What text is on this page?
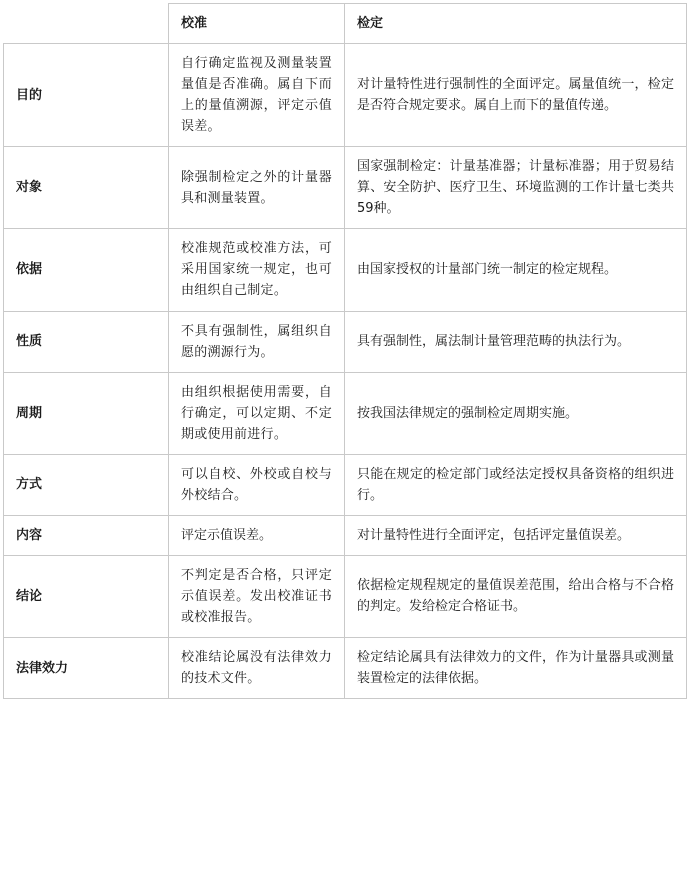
	校准	检定
目的	自行确定监视及测量装置量值是否准确。属自下而上的量值溯源，评定示值误差。	对计量特性进行强制性的全面评定。属量值统一，检定是否符合规定要求。属自上而下的量值传递。
对象	除强制检定之外的计量器具和测量装置。	国家强制检定：计量基准器；计量标准器；用于贸易结算、安全防护、医疗卫生、环境监测的工作计量七类共59种。
依据	校准规范或校准方法，可采用国家统一规定，也可由组织自己制定。	由国家授权的计量部门统一制定的检定规程。
性质	不具有强制性，属组织自愿的溯源行为。	具有强制性，属法制计量管理范畴的执法行为。
周期	由组织根据使用需要，自行确定，可以定期、不定期或使用前进行。	按我国法律规定的强制检定周期实施。
方式	可以自校、外校或自校与外校结合。	只能在规定的检定部门或经法定授权具备资格的组织进行。
内容	评定示值误差。	对计量特性进行全面评定，包括评定量值误差。
结论	不判定是否合格，只评定示值误差。发出校准证书或校准报告。	依据检定规程规定的量值误差范围，给出合格与不合格的判定。发给检定合格证书。
法律效力	校准结论属没有法律效力的技术文件。	检定结论属具有法律效力的文件，作为计量器具或测量装置检定的法律依据。
